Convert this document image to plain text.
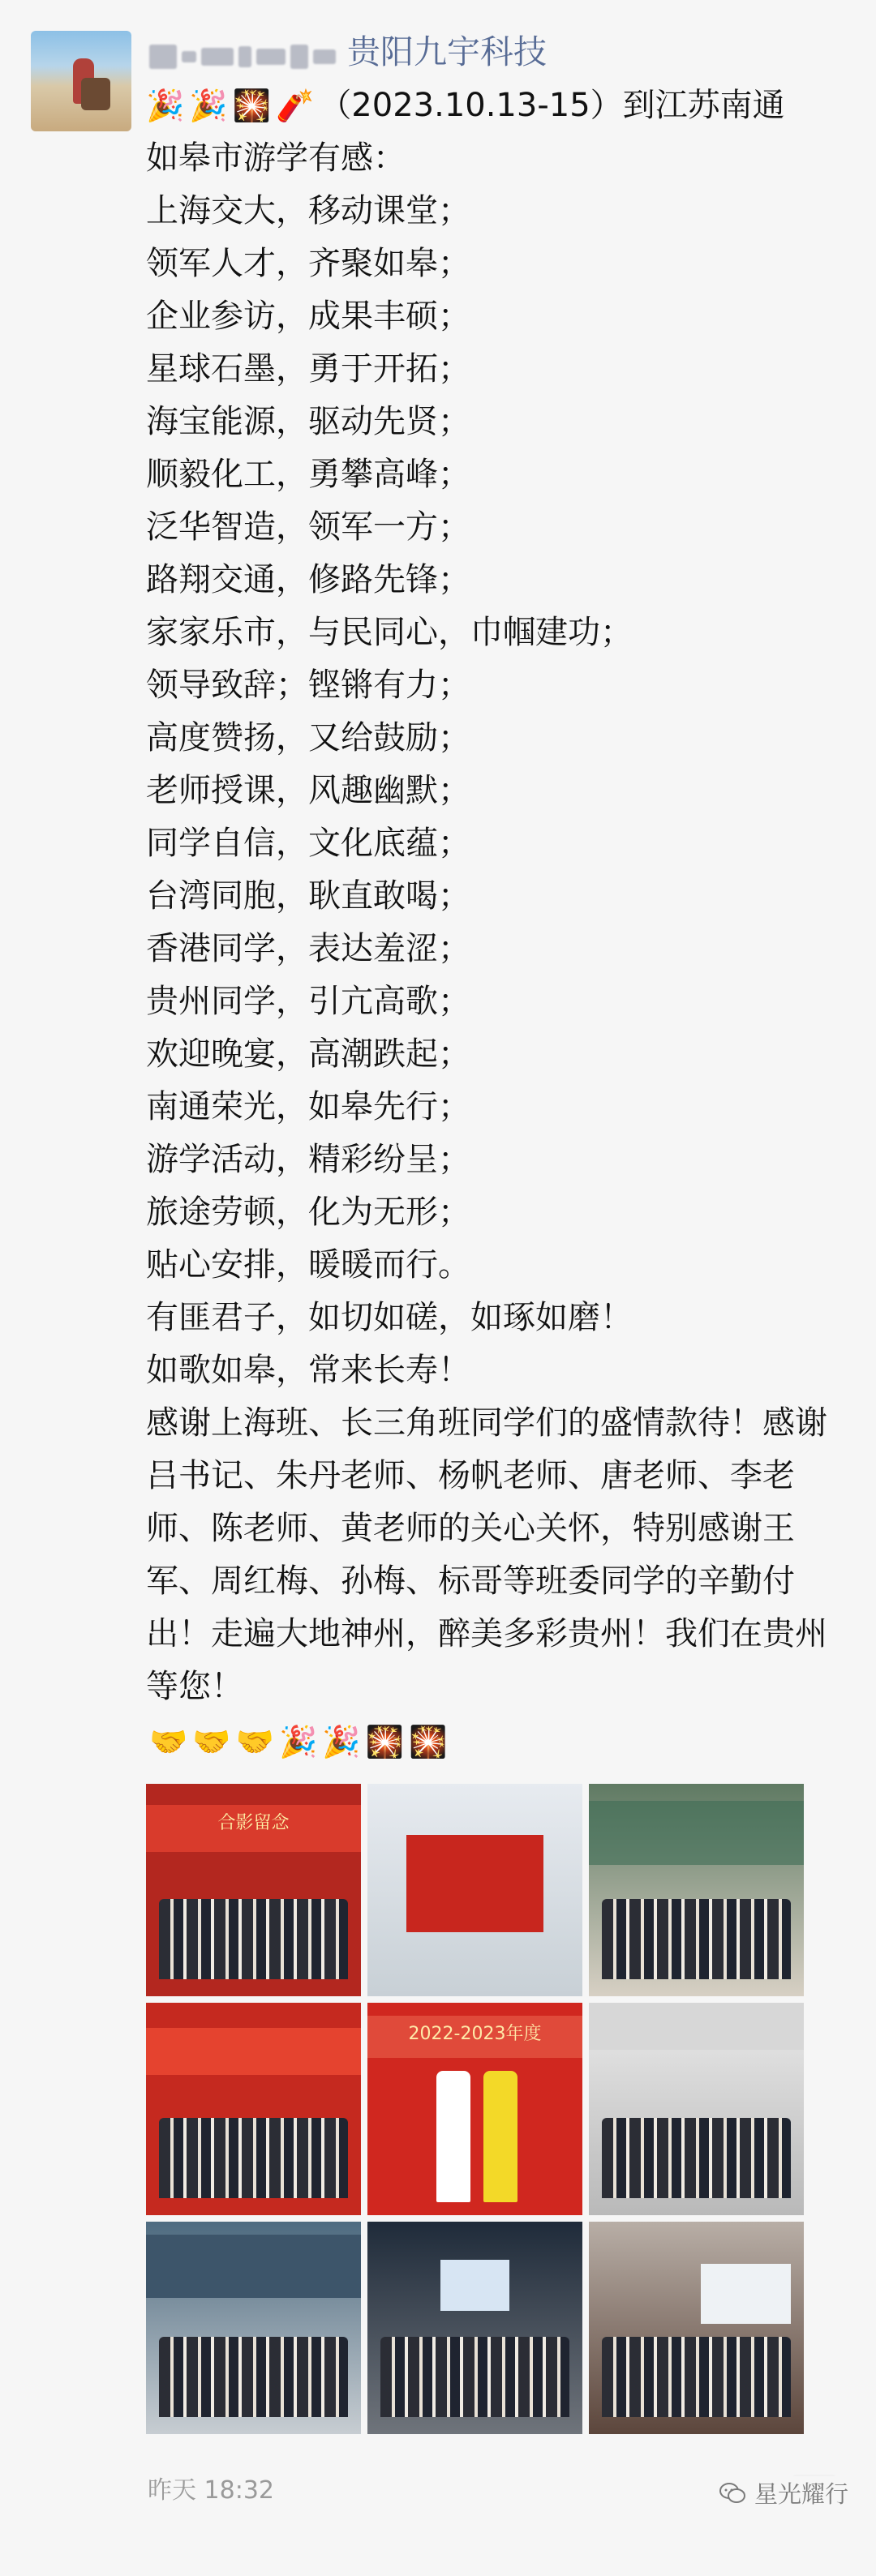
贵阳九宇科技
🎉 🎉 🎇 🧨 （2023.10.13-15）到江苏南通
如皋市游学有感：
上海交大，移动课堂；
领军人才，齐聚如皋；
企业参访，成果丰硕；
星球石墨，勇于开拓；
海宝能源，驱动先贤；
顺毅化工，勇攀高峰；
泛华智造，领军一方；
路翔交通，修路先锋；
家家乐市，与民同心，巾帼建功；
领导致辞；铿锵有力；
高度赞扬，又给鼓励；
老师授课，风趣幽默；
同学自信，文化底蕴；
台湾同胞，耿直敢喝；
香港同学，表达羞涩；
贵州同学，引亢高歌；
欢迎晚宴，高潮跌起；
南通荣光，如皋先行；
游学活动，精彩纷呈；
旅途劳顿，化为无形；
贴心安排，暖暖而行。
有匪君子，如切如磋，如琢如磨！
如歌如皋，常来长寿！
感谢上海班、长三角班同学们的盛情款待！感谢吕书记、朱丹老师、杨帆老师、唐老师、李老师、陈老师、黄老师的关心关怀，特别感谢王军、周红梅、孙梅、标哥等班委同学的辛勤付出！走遍大地神州，醉美多彩贵州！我们在贵州等您！
🤝 🤝 🤝 🎉 🎉 🎇 🎇
合影留念
2022-2023年度
昨天 18:32	星光耀行
